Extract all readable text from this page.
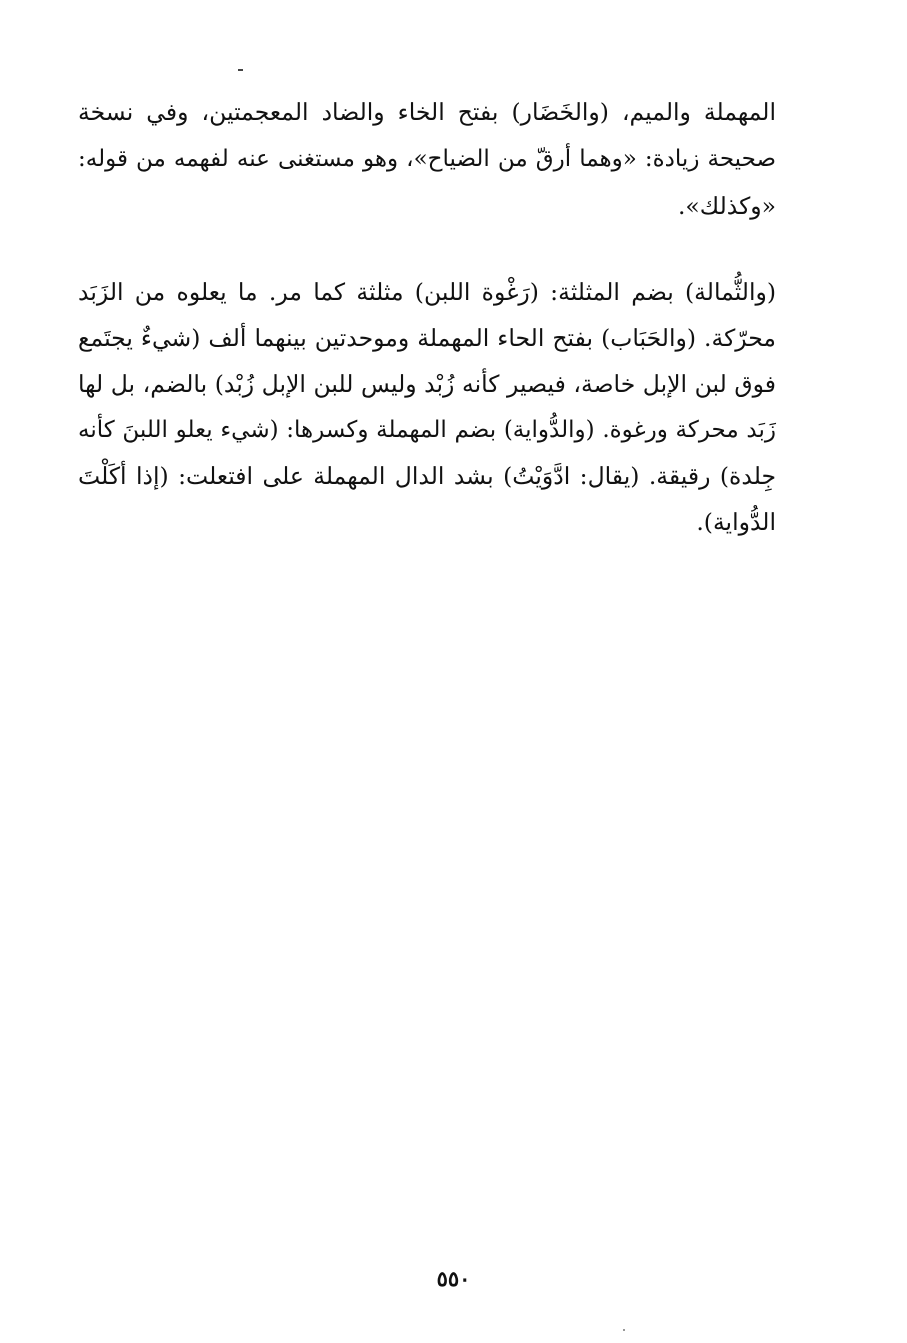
المهملة والميم، (والخَضَار) بفتح الخاء والضاد المعجمتين، وفي نسخة
صحيحة زيادة: «وهما أرقّ من الضياح»، وهو مستغنى عنه لفهمه من قوله:
«وكذلك».
(والثُّمالة) بضم المثلثة: (رَغْوة اللبن) مثلثة كما مر. ما يعلوه من الزَبَد
محرّكة. (والحَبَاب) بفتح الحاء المهملة وموحدتين بينهما ألف (شيءٌ يجتَمع
فوق لبن الإبل خاصة، فيصير كأنه زُبْد وليس للبن الإبل زُبْد) بالضم، بل لها
زَبَد محركة ورغوة. (والدُّواية) بضم المهملة وكسرها: (شيء يعلو اللبنَ كأنه
جِلدة) رقيقة. (يقال: ادَّوَيْتُ) بشد الدال المهملة على افتعلت: (إذا أكَلْتَ
الدُّواية).
٥٥٠
